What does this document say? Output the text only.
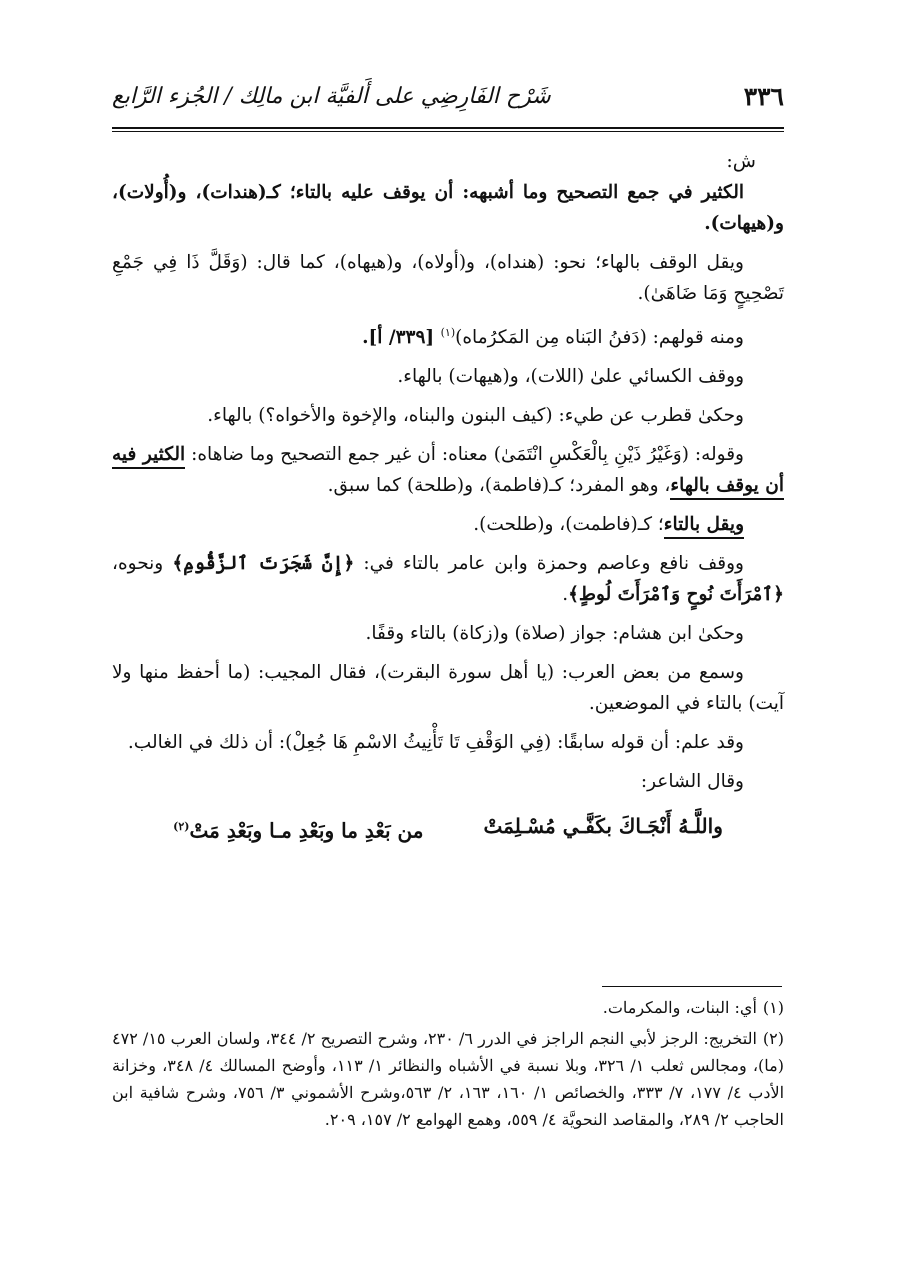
٣٣٦
شَرْح الفَارِضِي على أَلفيَّة ابن مالِك / الجُزء الرَّابع
ش:

الكثير في جمع التصحيح وما أشبهه: أن يوقف عليه بالتاء؛ كـ(هندات)، و(أُولات)، و(هيهات).

ويقل الوقف بالهاء؛ نحو: (هنداه)، و(أولاه)، و(هيهاه)، كما قال: (وَقَلَّ ذَا فِي جَمْعِ تَصْحِيحٍ وَمَا ضَاهَىٰ).

ومنه قولهم: (دَفنُ البَناه مِن المَكرُماه)$^{(١)}$ [٣٣٩/ أ].

ووقف الكسائي علىٰ (اللات)، و(هيهات) بالهاء.

وحكىٰ قطرب عن طيء: (كيف البنون والبناه، والإخوة والأخواه؟) بالهاء.

وقوله: (وَغَيْرُ ذَيْنِ بِالْعَكْسِ انْتَمَىٰ) معناه: أن غير جمع التصحيح وما ضاهاه: الكثير فيه أن يوقف بالهاء، وهو المفرد؛ كـ(فاطمة)، و(طلحة) كما سبق.

ويقل بالتاء؛ كـ(فاطمت)، و(طلحت).

ووقف نافع وعاصم وحمزة وابن عامر بالتاء في: ﴿إِنَّ شَجَرَتَ ٱلزَّقُّومِ﴾ ونحوه، ﴿ٱمْرَأَتَ نُوحٍ وَٱمْرَأَتَ لُوطٍ﴾.

وحكىٰ ابن هشام: جواز (صلاة) و(زكاة) بالتاء وقفًا.

وسمع من بعض العرب: (يا أهل سورة البقرت)، فقال المجيب: (ما أحفظ منها ولا آيت) بالتاء في الموضعين.

وقد علم: أن قوله سابقًا: (فِي الوَقْفِ تَا تَأْنِيثُ الاسْمِ هَا جُعِلْ): أن ذلك في الغالب.

وقال الشاعر:

واللَّـهُ أَنْجَـاكَ بكَفَّـي مُسْـلِمَتْ
من بَعْدِ ما وبَعْدِ مـا وبَعْدِ مَتْ$^{(٢)}$

(١)أي: البنات، والمكرمات.

(٢)التخريج: الرجز لأبي النجم الراجز في الدرر ٦/ ٢٣٠، وشرح التصريح ٢/ ٣٤٤، ولسان العرب ١٥/ ٤٧٢ (ما)، ومجالس ثعلب ١/ ٣٢٦، وبلا نسبة في الأشباه والنظائر ١/ ١١٣، وأوضح المسالك ٤/ ٣٤٨، وخزانة الأدب ٤/ ١٧٧، ٧/ ٣٣٣، والخصائص ١/ ١٦٠، ١٦٣، ٢/ ٥٦٣،وشرح الأشموني ٣/ ٧٥٦، وشرح شافية ابن الحاجب ٢/ ٢٨٩، والمقاصد النحويَّة ٤/ ٥٥٩، وهمع الهوامع ٢/ ١٥٧، ٢٠٩.
